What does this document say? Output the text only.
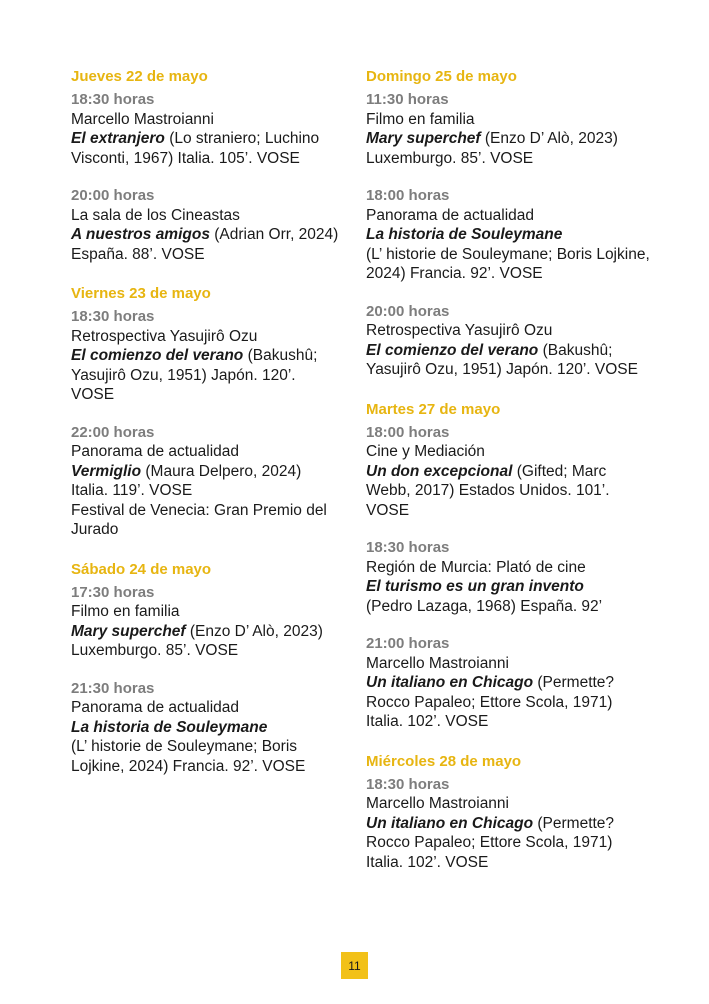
Jueves 22 de mayo
18:30 horas
Marcello Mastroianni
El extranjero (Lo straniero; Luchino Visconti, 1967) Italia. 105’. VOSE
20:00 horas
La sala de los Cineastas
A nuestros amigos (Adrian Orr, 2024) España. 88’. VOSE
Viernes 23 de mayo
18:30 horas
Retrospectiva Yasujirô Ozu
El comienzo del verano (Bakushû; Yasujirô Ozu, 1951) Japón. 120’. VOSE
22:00 horas
Panorama de actualidad
Vermiglio (Maura Delpero, 2024) Italia. 119’. VOSE
Festival de Venecia: Gran Premio del Jurado
Sábado 24 de mayo
17:30 horas
Filmo en familia
Mary superchef (Enzo D’ Alò, 2023) Luxemburgo. 85’. VOSE
21:30 horas
Panorama de actualidad
La historia de Souleymane
(L’ historie de Souleymane; Boris Lojkine, 2024) Francia. 92’. VOSE
Domingo 25 de mayo
11:30 horas
Filmo en familia
Mary superchef (Enzo D’ Alò, 2023) Luxemburgo. 85’. VOSE
18:00 horas
Panorama de actualidad
La historia de Souleymane
(L’ historie de Souleymane; Boris Lojkine, 2024) Francia. 92’. VOSE
20:00 horas
Retrospectiva Yasujirô Ozu
El comienzo del verano (Bakushû; Yasujirô Ozu, 1951) Japón. 120’. VOSE
Martes 27 de mayo
18:00 horas
Cine y Mediación
Un don excepcional (Gifted; Marc Webb, 2017) Estados Unidos. 101’. VOSE
18:30 horas
Región de Murcia: Plató de cine
El turismo es un gran invento
(Pedro Lazaga, 1968) España. 92’
21:00 horas
Marcello Mastroianni
Un italiano en Chicago (Permette? Rocco Papaleo; Ettore Scola, 1971) Italia. 102’. VOSE
Miércoles 28 de mayo
18:30 horas
Marcello Mastroianni
Un italiano en Chicago (Permette? Rocco Papaleo; Ettore Scola, 1971) Italia. 102’. VOSE
11
